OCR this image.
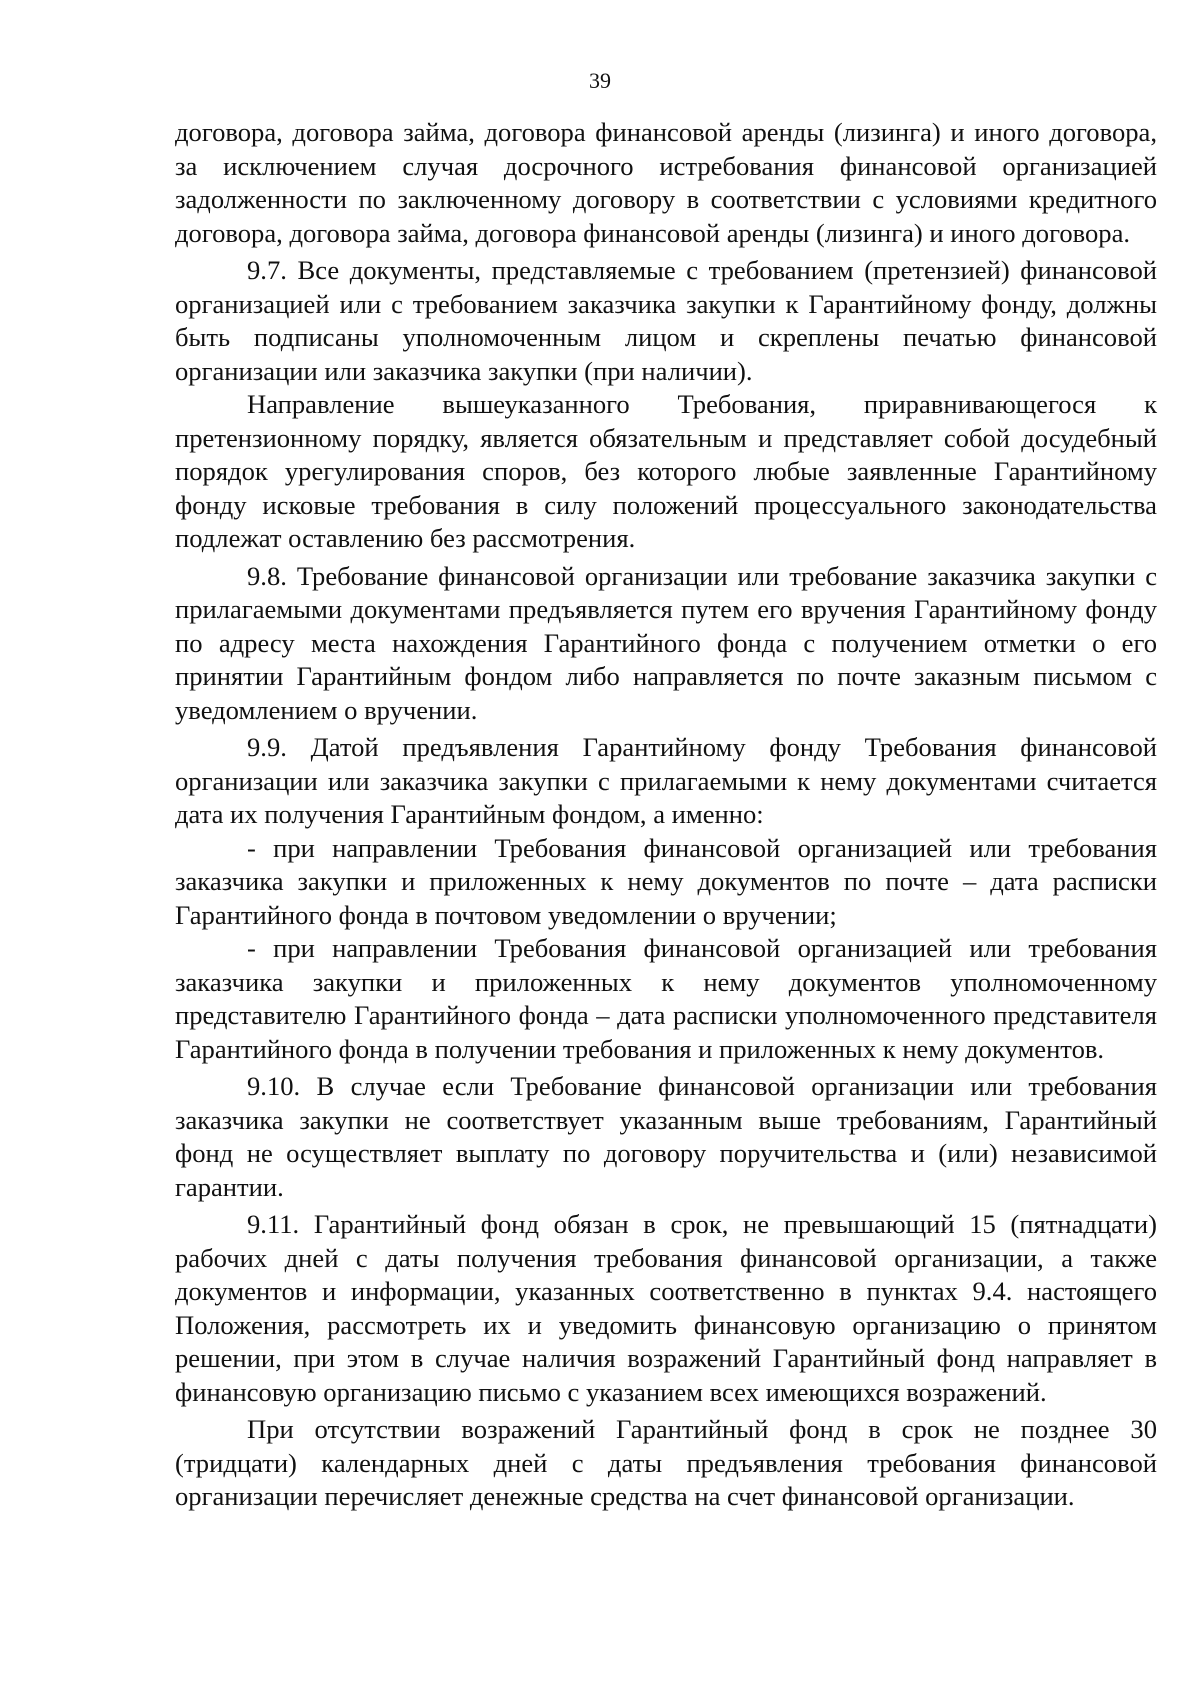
39

договора, договора займа, договора финансовой аренды (лизинга) и иного договора, за исключением случая досрочного истребования финансовой организацией задолженности по заключенному договору в соответствии с условиями кредитного договора, договора займа, договора финансовой аренды (лизинга) и иного договора.

9.7. Все документы, представляемые с требованием (претензией) финансовой организацией или с требованием заказчика закупки к Гарантийному фонду, должны быть подписаны уполномоченным лицом и скреплены печатью финансовой организации или заказчика закупки (при наличии).

Направление вышеуказанного Требования, приравнивающегося к претензионному порядку, является обязательным и представляет собой досудебный порядок урегулирования споров, без которого любые заявленные Гарантийному фонду исковые требования в силу положений процессуального законодательства подлежат оставлению без рассмотрения.

9.8. Требование финансовой организации или требование заказчика закупки с прилагаемыми документами предъявляется путем его вручения Гарантийному фонду по адресу места нахождения Гарантийного фонда с получением отметки о его принятии Гарантийным фондом либо направляется по почте заказным письмом с уведомлением о вручении.

9.9. Датой предъявления Гарантийному фонду Требования финансовой организации или заказчика закупки с прилагаемыми к нему документами считается дата их получения Гарантийным фондом, а именно:

- при направлении Требования финансовой организацией или требования заказчика закупки и приложенных к нему документов по почте – дата расписки Гарантийного фонда в почтовом уведомлении о вручении;

- при направлении Требования финансовой организацией или требования заказчика закупки и приложенных к нему документов уполномоченному представителю Гарантийного фонда – дата расписки уполномоченного представителя Гарантийного фонда в получении требования и приложенных к нему документов.

9.10. В случае если Требование финансовой организации или требования заказчика закупки не соответствует указанным выше требованиям, Гарантийный фонд не осуществляет выплату по договору поручительства и (или) независимой гарантии.

9.11. Гарантийный фонд обязан в срок, не превышающий 15 (пятнадцати) рабочих дней с даты получения требования финансовой организации, а также документов и информации, указанных соответственно в пунктах 9.4. настоящего Положения, рассмотреть их и уведомить финансовую организацию о принятом решении, при этом в случае наличия возражений Гарантийный фонд направляет в финансовую организацию письмо с указанием всех имеющихся возражений.

При отсутствии возражений Гарантийный фонд в срок не позднее 30 (тридцати) календарных дней с даты предъявления требования финансовой организации перечисляет денежные средства на счет финансовой организации.
